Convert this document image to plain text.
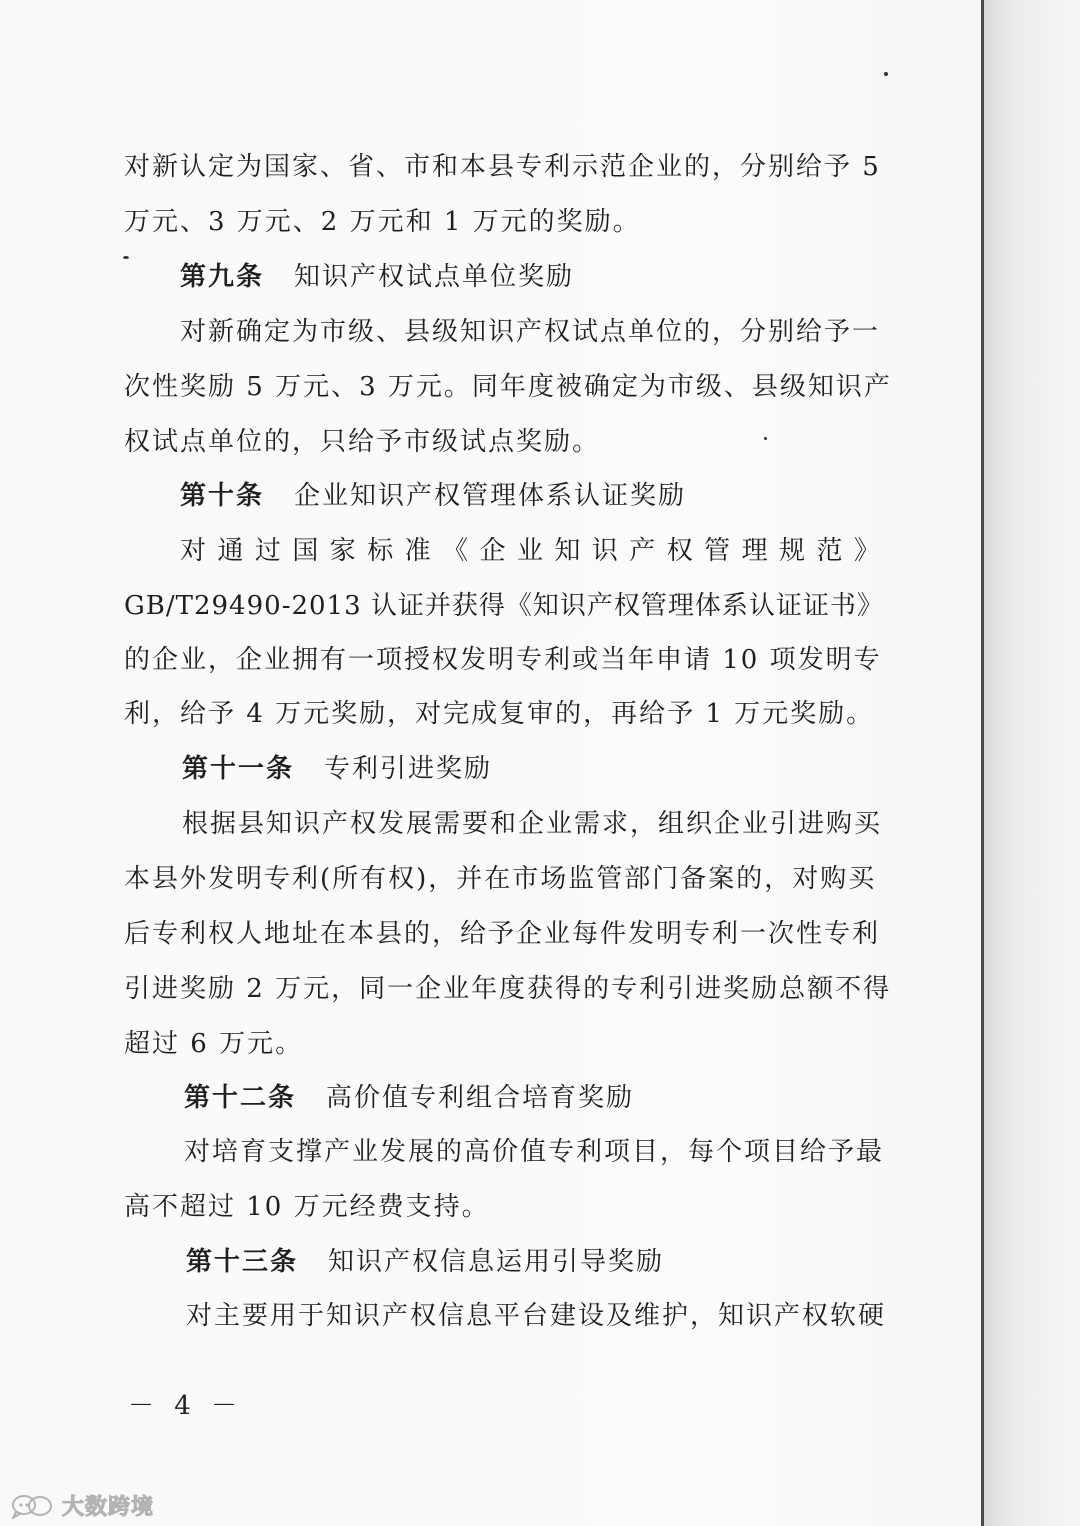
对新认定为国家、省、市和本县专利示范企业的，分别给予 5
万元、3 万元、2 万元和 1 万元的奖励。
第九条 知识产权试点单位奖励
对新确定为市级、县级知识产权试点单位的，分别给予一
次性奖励 5 万元、3 万元。同年度被确定为市级、县级知识产
权试点单位的，只给予市级试点奖励。
第十条 企业知识产权管理体系认证奖励
对 通 过 国 家 标 准 《 企 业 知 识 产 权 管 理 规 范 》
GB/T29490-2013 认证并获得《知识产权管理体系认证证书》
的企业，企业拥有一项授权发明专利或当年申请 10 项发明专
利，给予 4 万元奖励，对完成复审的，再给予 1 万元奖励。
第十一条 专利引进奖励
根据县知识产权发展需要和企业需求，组织企业引进购买
本县外发明专利(所有权)，并在市场监管部门备案的，对购买
后专利权人地址在本县的，给予企业每件发明专利一次性专利
引进奖励 2 万元，同一企业年度获得的专利引进奖励总额不得
超过 6 万元。
第十二条 高价值专利组合培育奖励
对培育支撑产业发展的高价值专利项目，每个项目给予最
高不超过 10 万元经费支持。
第十三条 知识产权信息运用引导奖励
对主要用于知识产权信息平台建设及维护，知识产权软硬
－ 4 －
大数跨境
